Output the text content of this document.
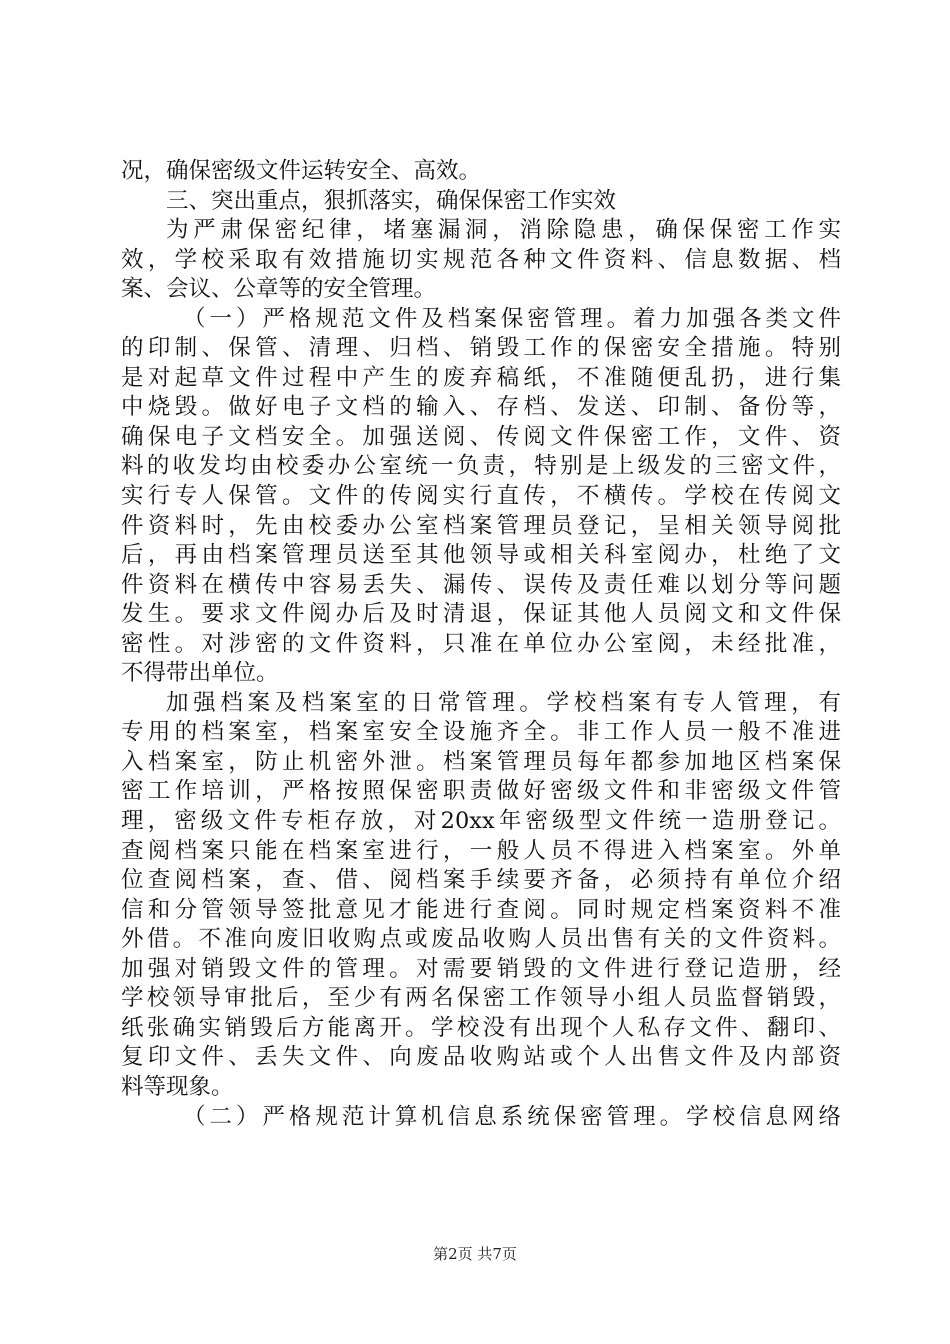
况，确保密级文件运转安全、高效。
三、突出重点，狠抓落实，确保保密工作实效
为严肃保密纪律，堵塞漏洞，消除隐患，确保保密工作实
效，学校采取有效措施切实规范各种文件资料、信息数据、档
案、会议、公章等的安全管理。
（一）严格规范文件及档案保密管理。着力加强各类文件
的印制、保管、清理、归档、销毁工作的保密安全措施。特别
是对起草文件过程中产生的废弃稿纸，不准随便乱扔，进行集
中烧毁。做好电子文档的输入、存档、发送、印制、备份等，
确保电子文档安全。加强送阅、传阅文件保密工作，文件、资
料的收发均由校委办公室统一负责，特别是上级发的三密文件，
实行专人保管。文件的传阅实行直传，不横传。学校在传阅文
件资料时，先由校委办公室档案管理员登记，呈相关领导阅批
后，再由档案管理员送至其他领导或相关科室阅办，杜绝了文
件资料在横传中容易丢失、漏传、误传及责任难以划分等问题
发生。要求文件阅办后及时清退，保证其他人员阅文和文件保
密性。对涉密的文件资料，只准在单位办公室阅，未经批准，
不得带出单位。
加强档案及档案室的日常管理。学校档案有专人管理，有
专用的档案室，档案室安全设施齐全。非工作人员一般不准进
入档案室，防止机密外泄。档案管理员每年都参加地区档案保
密工作培训，严格按照保密职责做好密级文件和非密级文件管
理，密级文件专柜存放，对20xx年密级型文件统一造册登记。
查阅档案只能在档案室进行，一般人员不得进入档案室。外单
位查阅档案，查、借、阅档案手续要齐备，必须持有单位介绍
信和分管领导签批意见才能进行查阅。同时规定档案资料不准
外借。不准向废旧收购点或废品收购人员出售有关的文件资料。
加强对销毁文件的管理。对需要销毁的文件进行登记造册，经
学校领导审批后，至少有两名保密工作领导小组人员监督销毁，
纸张确实销毁后方能离开。学校没有出现个人私存文件、翻印、
复印文件、丢失文件、向废品收购站或个人出售文件及内部资
料等现象。
（二）严格规范计算机信息系统保密管理。学校信息网络
第2页 共7页
